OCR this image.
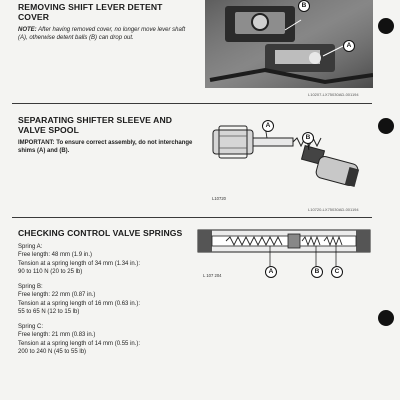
REMOVING SHIFT LEVER DETENT
COVER
NOTE: After having removed cover, no longer move lever shaft (A), otherwise detent balls (B) can drop out.
B
A
L10207-LX75030AD-001194
SEPARATING SHIFTER SLEEVE AND
VALVE SPOOL
IMPORTANT: To ensure correct assembly, do not interchange shims (A) and (B).
A
B
L10720
L10720-LX75030AD-001194
CHECKING CONTROL VALVE SPRINGS
Spring A:
Free length: 48 mm (1.9 in.)
Tension at a spring length of 34 mm (1.34 in.):
90 to 110 N (20 to 25 lb)
Spring B:
Free length: 22 mm (0.87 in.)
Tension at a spring length of 16 mm (0.63 in.):
55 to 65 N (12 to 15 lb)
Spring C:
Free length: 21 mm (0.83 in.)
Tension at a spring length of 14 mm (0.55 in.):
200 to 240 N (45 to 55 lb)
A	B	C
L 107 204
